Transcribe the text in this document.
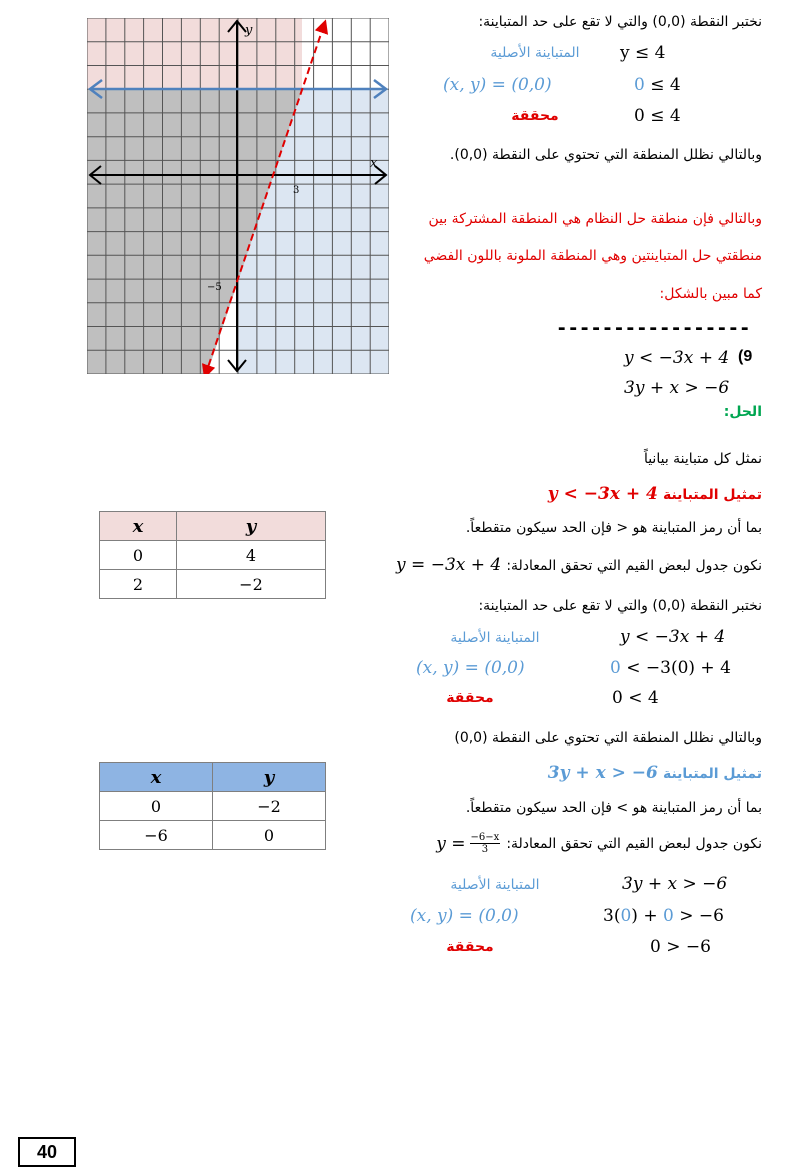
y
x
3
−5
نختبر النقطة (0,0) والتي لا تقع على حد المتباينة:
y ≤ 4
المتباينة الأصلية
0 ≤ 4
(x, y) = (0,0)
0 ≤ 4
محققة
وبالتالي نظلل المنطقة التي تحتوي على النقطة (0,0).
وبالتالي فإن منطقة حل النظام هي المنطقة المشتركة بين
منطقتي حل المتباينتين وهي المنطقة الملونة باللون الفضي
كما مبين بالشكل:
-----------------
y < −3x + 4 (9
3y + x > −6
الحل:
نمثل كل متباينة بيانياً
تمثيل المتباينة y < −3x + 4
بما أن رمز المتباينة هو < فإن الحد سيكون متقطعاً.
نكون جدول لبعض القيم التي تحقق المعادلة: y = −3x + 4
نختبر النقطة (0,0) والتي لا تقع على حد المتباينة:
y < −3x + 4
المتباينة الأصلية
0 < −3(0) + 4
(x, y) = (0,0)
0 < 4
محققة
وبالتالي نظلل المنطقة التي تحتوي على النقطة (0,0)
تمثيل المتباينة 3y + x > −6
بما أن رمز المتباينة هو > فإن الحد سيكون متقطعاً.
نكون جدول لبعض القيم التي تحقق المعادلة:
$y = \frac{-6-x}{3}$
3y + x > −6
المتباينة الأصلية
3(0) + 0 > −6
(x, y) = (0,0)
0 > −6
محققة
x	y
0	4
2	−2
x	y
0	−2
−6	0
40
